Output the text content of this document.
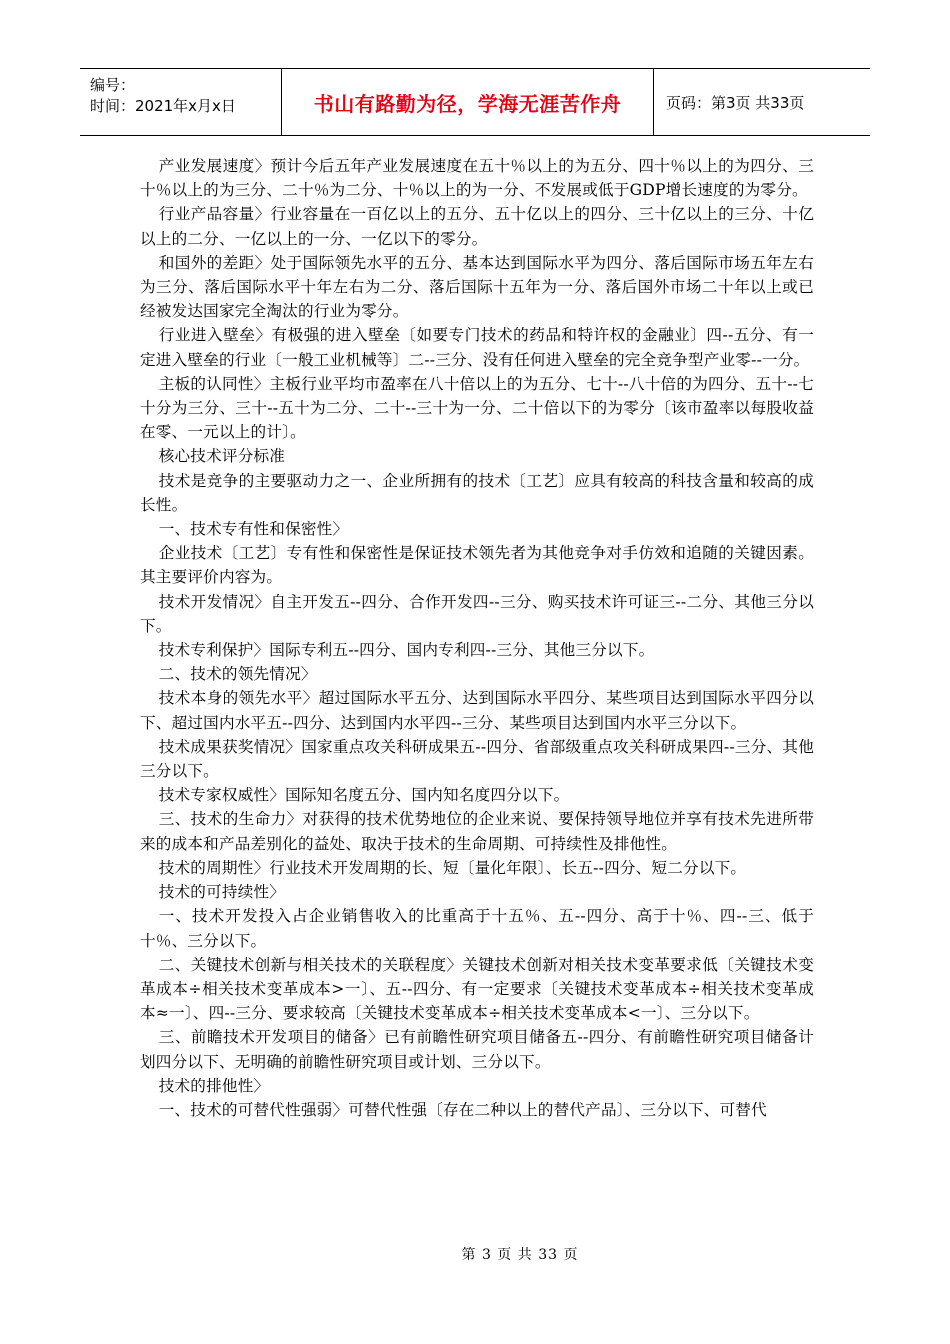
编号：
时间：2021年x月x日	书山有路勤为径，学海无涯苦作舟	页码：第3页 共33页

产业发展速度〉预计今后五年产业发展速度在五十％以上的为五分、四十％以上的为四分、三十％以上的为三分、二十％为二分、十％以上的为一分、不发展或低于GDP增长速度的为零分。

行业产品容量〉行业容量在一百亿以上的五分、五十亿以上的四分、三十亿以上的三分、十亿以上的二分、一亿以上的一分、一亿以下的零分。

和国外的差距〉处于国际领先水平的五分、基本达到国际水平为四分、落后国际市场五年左右为三分、落后国际水平十年左右为二分、落后国际十五年为一分、落后国外市场二十年以上或已经被发达国家完全淘汰的行业为零分。

行业进入壁垒〉有极强的进入壁垒〔如要专门技术的药品和特许权的金融业〕四--五分、有一定进入壁垒的行业〔一般工业机械等〕二--三分、没有任何进入壁垒的完全竞争型产业零--一分。

主板的认同性〉主板行业平均市盈率在八十倍以上的为五分、七十--八十倍的为四分、五十--七十分为三分、三十--五十为二分、二十--三十为一分、二十倍以下的为零分〔该市盈率以每股收益在零、一元以上的计〕。

核心技术评分标准

技术是竞争的主要驱动力之一、企业所拥有的技术〔工艺〕应具有较高的科技含量和较高的成长性。

一、技术专有性和保密性〉

企业技术〔工艺〕专有性和保密性是保证技术领先者为其他竞争对手仿效和追随的关键因素。其主要评价内容为。

技术开发情况〉自主开发五--四分、合作开发四--三分、购买技术许可证三--二分、其他三分以下。

技术专利保护〉国际专利五--四分、国内专利四--三分、其他三分以下。

二、技术的领先情况〉

技术本身的领先水平〉超过国际水平五分、达到国际水平四分、某些项目达到国际水平四分以下、超过国内水平五--四分、达到国内水平四--三分、某些项目达到国内水平三分以下。

技术成果获奖情况〉国家重点攻关科研成果五--四分、省部级重点攻关科研成果四--三分、其他三分以下。

技术专家权威性〉国际知名度五分、国内知名度四分以下。

三、技术的生命力〉对获得的技术优势地位的企业来说、要保持领导地位并享有技术先进所带来的成本和产品差别化的益处、取决于技术的生命周期、可持续性及排他性。

技术的周期性〉行业技术开发周期的长、短〔量化年限〕、长五--四分、短二分以下。

技术的可持续性〉

一、技术开发投入占企业销售收入的比重高于十五％、五--四分、高于十％、四--三、低于十％、三分以下。

二、关键技术创新与相关技术的关联程度〉关键技术创新对相关技术变革要求低〔关键技术变革成本÷相关技术变革成本>一〕、五--四分、有一定要求〔关键技术变革成本÷相关技术变革成本≈一〕、四--三分、要求较高〔关键技术变革成本÷相关技术变革成本<一〕、三分以下。

三、前瞻技术开发项目的储备〉已有前瞻性研究项目储备五--四分、有前瞻性研究项目储备计划四分以下、无明确的前瞻性研究项目或计划、三分以下。

技术的排他性〉

一、技术的可替代性强弱〉可替代性强〔存在二种以上的替代产品〕、三分以下、可替代

第 3 页 共 33 页
